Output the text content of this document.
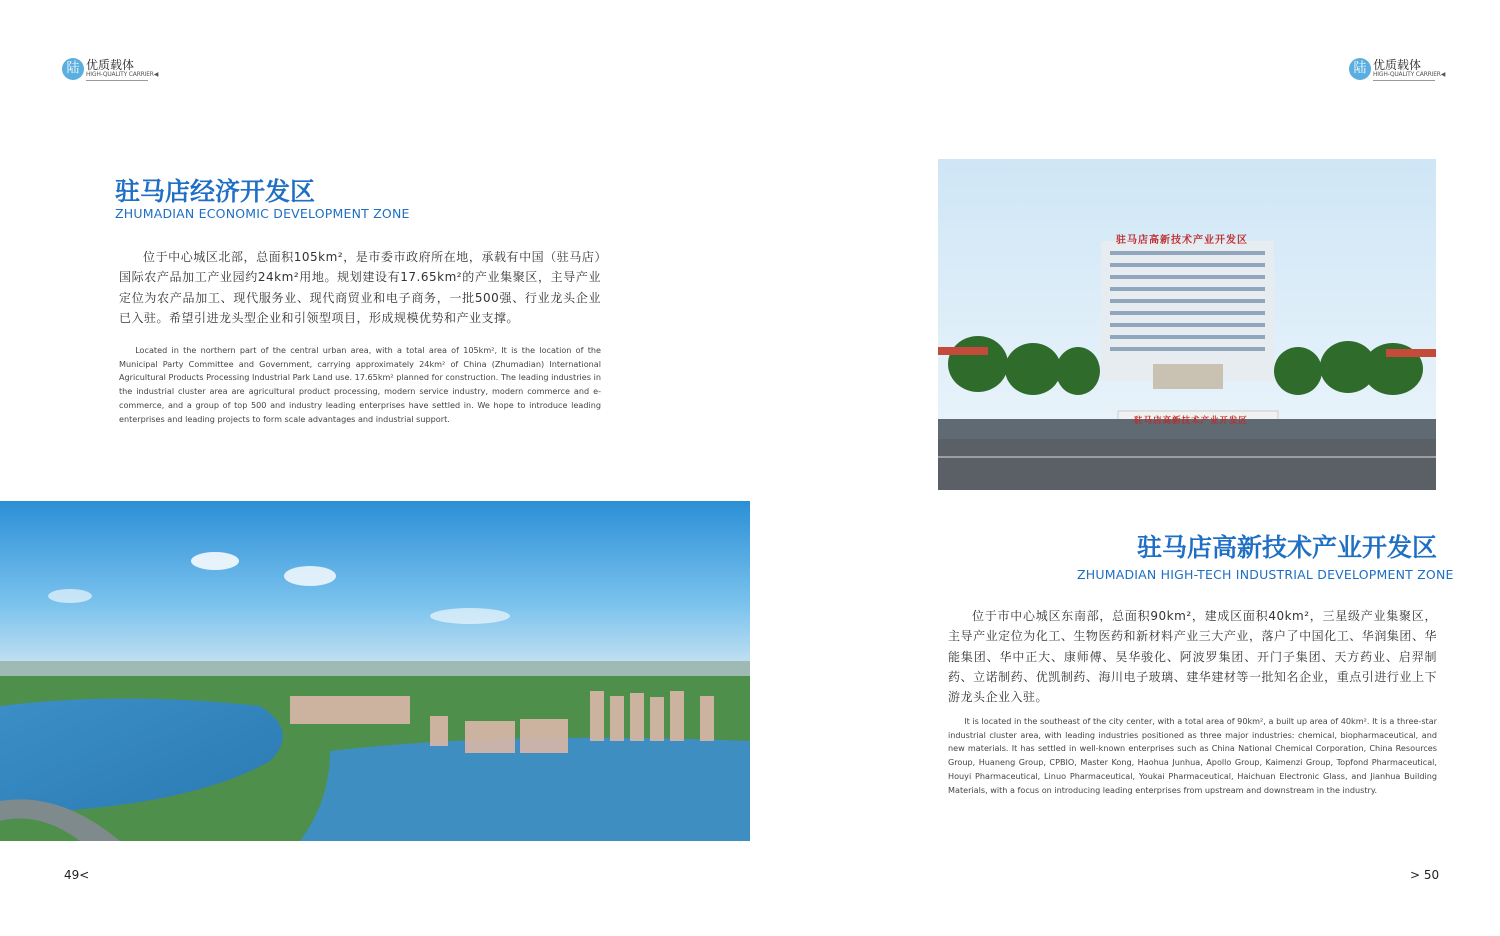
陆 优质载体
HIGH-QUALITY CARRIER◀	陆 优质载体
HIGH-QUALITY CARRIER◀
驻马店经济开发区
ZHUMADIAN ECONOMIC DEVELOPMENT ZONE
位于中心城区北部，总面积105km²，是市委市政府所在地，承载有中国（驻马店）国际农产品加工产业园约24km²用地。规划建设有17.65km²的产业集聚区，主导产业定位为农产品加工、现代服务业、现代商贸业和电子商务，一批500强、行业龙头企业已入驻。希望引进龙头型企业和引领型项目，形成规模优势和产业支撑。
Located in the northern part of the central urban area, with a total area of 105km², It is the location of the Municipal Party Committee and Government, carrying approximately 24km² of China (Zhumadian) International Agricultural Products Processing Industrial Park Land use. 17.65km² planned for construction. The leading industries in the industrial cluster area are agricultural product processing, modern service industry, modern commerce and e-commerce, and a group of top 500 and industry leading enterprises have settled in. We hope to introduce leading enterprises and leading projects to form scale advantages and industrial support.
驻马店高新技术产业开发区
驻马店高新技术产业开发区
驻马店高新技术产业开发区
ZHUMADIAN HIGH-TECH INDUSTRIAL DEVELOPMENT ZONE
位于市中心城区东南部，总面积90km²，建成区面积40km²，三星级产业集聚区，主导产业定位为化工、生物医药和新材料产业三大产业，落户了中国化工、华润集团、华能集团、华中正大、康师傅、昊华骏化、阿波罗集团、开门子集团、天方药业、启羿制药、立诺制药、优凯制药、海川电子玻璃、建华建材等一批知名企业，重点引进行业上下游龙头企业入驻。
It is located in the southeast of the city center, with a total area of 90km², a built up area of 40km². It is a three-star industrial cluster area, with leading industries positioned as three major industries: chemical, biopharmaceutical, and new materials. It has settled in well-known enterprises such as China National Chemical Corporation, China Resources Group, Huaneng Group, CPBIO, Master Kong, Haohua Junhua, Apollo Group, Kaimenzi Group, Topfond Pharmaceutical, Houyi Pharmaceutical, Linuo Pharmaceutical, Youkai Pharmaceutical, Haichuan Electronic Glass, and Jianhua Building Materials, with a focus on introducing leading enterprises from upstream and downstream in the industry.
49<	> 50
